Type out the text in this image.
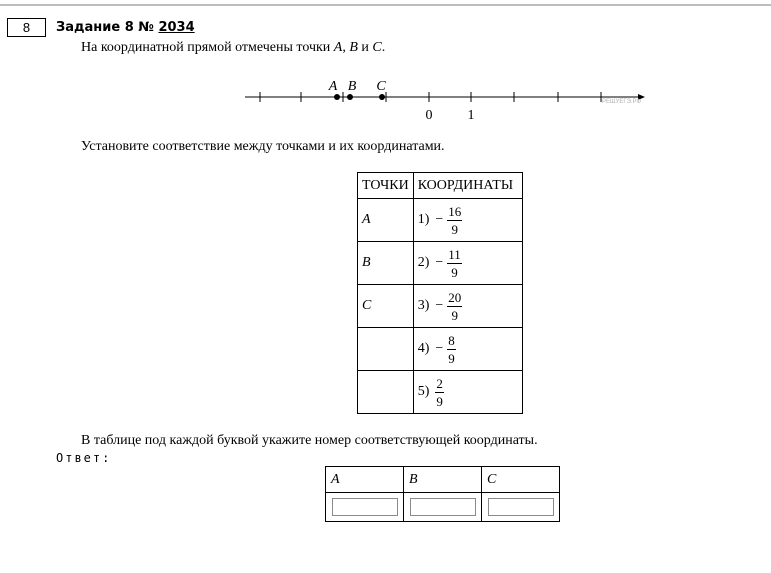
8	Задание 8 № 2034
На координатной прямой отмечены точки A, B и C.
A B C
0	1
РЕШУЕГЭ.РФ
Установите соответствие между точками и их координатами.
ТОЧКИ	КООРДИНАТЫ
A	$1) - \frac{16}{9}$

B	$2) - \frac{11}{9}$

C	$3) - \frac{20}{9}$

	$4) - \frac{8}{9}$

	$5) \frac{2}{9}$
В таблице под каждой буквой укажите номер соответствующей координаты.
Ответ:
A	B	C
